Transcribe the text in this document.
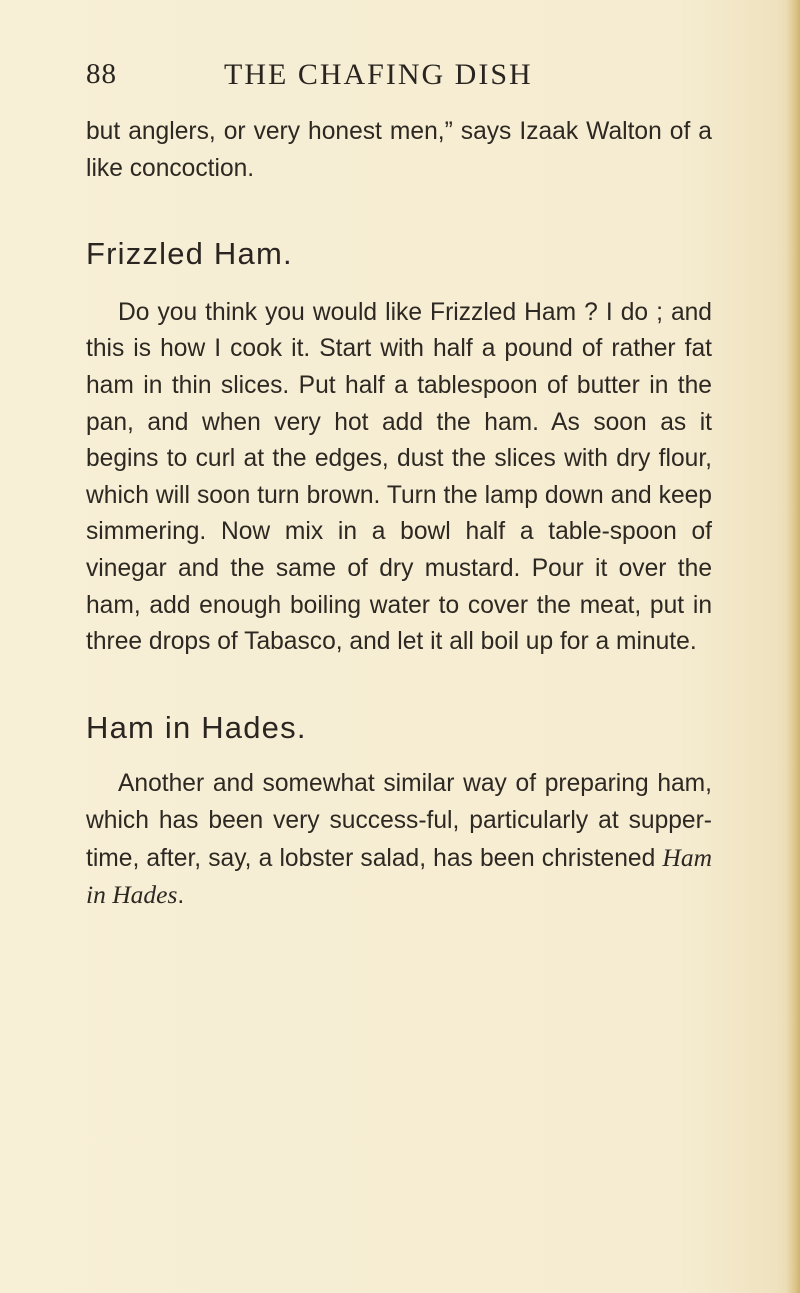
88	THE CHAFING DISH

but anglers, or very honest men,” says Izaak Walton of a like concoction.

Frizzled Ham.

Do you think you would like Frizzled Ham ? I do ; and this is how I cook it. Start with half a pound of rather fat ham in thin slices. Put half a tablespoon of butter in the pan, and when very hot add the ham. As soon as it begins to curl at the edges, dust the slices with dry flour, which will soon turn brown. Turn the lamp down and keep simmering. Now mix in a bowl half a table-spoon of vinegar and the same of dry mustard. Pour it over the ham, add enough boiling water to cover the meat, put in three drops of Tabasco, and let it all boil up for a minute.

Ham in Hades.

Another and somewhat similar way of preparing ham, which has been very success-ful, particularly at supper-time, after, say, a lobster salad, has been christened Ham in Hades.
